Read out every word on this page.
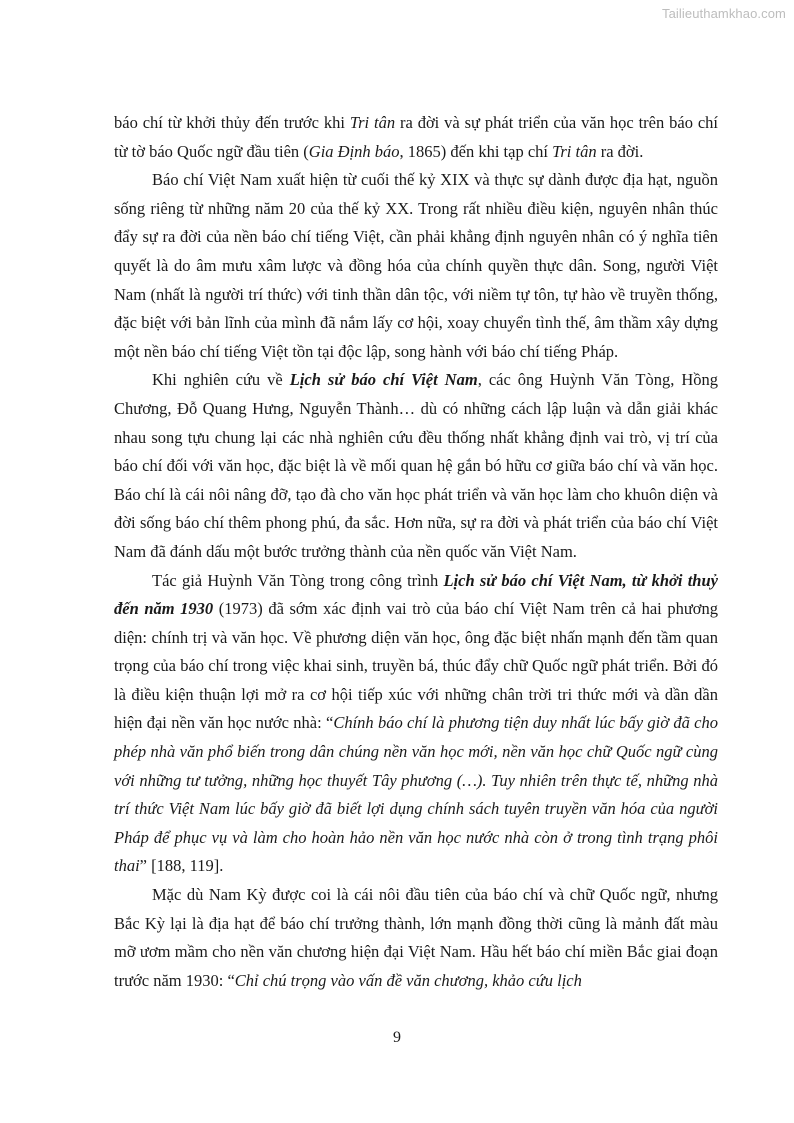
Tailieuthamkhao.com

báo chí từ khởi thủy đến trước khi Tri tân ra đời và sự phát triển của văn học trên báo chí từ tờ báo Quốc ngữ đầu tiên (Gia Định báo, 1865) đến khi tạp chí Tri tân ra đời.

Báo chí Việt Nam xuất hiện từ cuối thế kỷ XIX và thực sự dành được địa hạt, nguồn sống riêng từ những năm 20 của thế kỷ XX. Trong rất nhiều điều kiện, nguyên nhân thúc đẩy sự ra đời của nền báo chí tiếng Việt, cần phải khẳng định nguyên nhân có ý nghĩa tiên quyết là do âm mưu xâm lược và đồng hóa của chính quyền thực dân. Song, người Việt Nam (nhất là người trí thức) với tinh thần dân tộc, với niềm tự tôn, tự hào về truyền thống, đặc biệt với bản lĩnh của mình đã nắm lấy cơ hội, xoay chuyển tình thế, âm thầm xây dựng một nền báo chí tiếng Việt tồn tại độc lập, song hành với báo chí tiếng Pháp.

Khi nghiên cứu về Lịch sử báo chí Việt Nam, các ông Huỳnh Văn Tòng, Hồng Chương, Đỗ Quang Hưng, Nguyễn Thành… dù có những cách lập luận và dẫn giải khác nhau song tựu chung lại các nhà nghiên cứu đều thống nhất khẳng định vai trò, vị trí của báo chí đối với văn học, đặc biệt là về mối quan hệ gắn bó hữu cơ giữa báo chí và văn học. Báo chí là cái nôi nâng đỡ, tạo đà cho văn học phát triển và văn học làm cho khuôn diện và đời sống báo chí thêm phong phú, đa sắc. Hơn nữa, sự ra đời và phát triển của báo chí Việt Nam đã đánh dấu một bước trưởng thành của nền quốc văn Việt Nam.

Tác giả Huỳnh Văn Tòng trong công trình Lịch sử báo chí Việt Nam, từ khởi thuỷ đến năm 1930 (1973) đã sớm xác định vai trò của báo chí Việt Nam trên cả hai phương diện: chính trị và văn học. Về phương diện văn học, ông đặc biệt nhấn mạnh đến tầm quan trọng của báo chí trong việc khai sinh, truyền bá, thúc đẩy chữ Quốc ngữ phát triển. Bởi đó là điều kiện thuận lợi mở ra cơ hội tiếp xúc với những chân trời tri thức mới và dần dần hiện đại nền văn học nước nhà: “Chính báo chí là phương tiện duy nhất lúc bấy giờ đã cho phép nhà văn phổ biến trong dân chúng nền văn học mới, nền văn học chữ Quốc ngữ cùng với những tư tưởng, những học thuyết Tây phương (…). Tuy nhiên trên thực tế, những nhà trí thức Việt Nam lúc bấy giờ đã biết lợi dụng chính sách tuyên truyền văn hóa của người Pháp để phục vụ và làm cho hoàn hảo nền văn học nước nhà còn ở trong tình trạng phôi thai” [188, 119].

Mặc dù Nam Kỳ được coi là cái nôi đầu tiên của báo chí và chữ Quốc ngữ, nhưng Bắc Kỳ lại là địa hạt để báo chí trưởng thành, lớn mạnh đồng thời cũng là mảnh đất màu mỡ ươm mầm cho nền văn chương hiện đại Việt Nam. Hầu hết báo chí miền Bắc giai đoạn trước năm 1930: “Chỉ chú trọng vào vấn đề văn chương, khảo cứu lịch

9
